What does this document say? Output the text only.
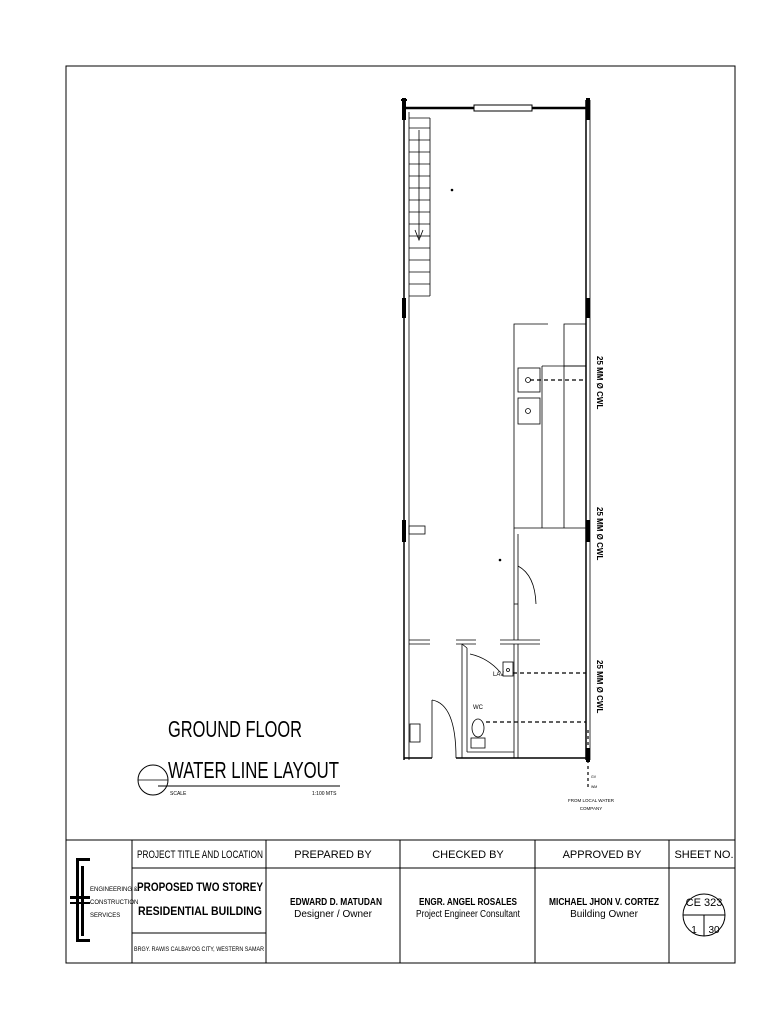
25 MM Ø CWL
25 MM Ø CWL
25 MM Ø CWL
LAV
WC
GV
WM
FROM LOCAL WATER
COMPANY
GROUND FLOOR
WATER LINE LAYOUT
SCALE	1:100 MTS
ENGINEERING &
CONSTRUCTION
SERVICES
PROJECT TITLE AND LOCATION
PROPOSED TWO STOREY
RESIDENTIAL BUILDING
BRGY. RAWIS CALBAYOG CITY, WESTERN SAMAR
PREPARED BY
EDWARD D. MATUDAN
Designer / Owner
CHECKED BY
ENGR. ANGEL ROSALES
Project Engineer Consultant
APPROVED BY
MICHAEL JHON V. CORTEZ
Building Owner
SHEET NO.
CE 323
1 30
